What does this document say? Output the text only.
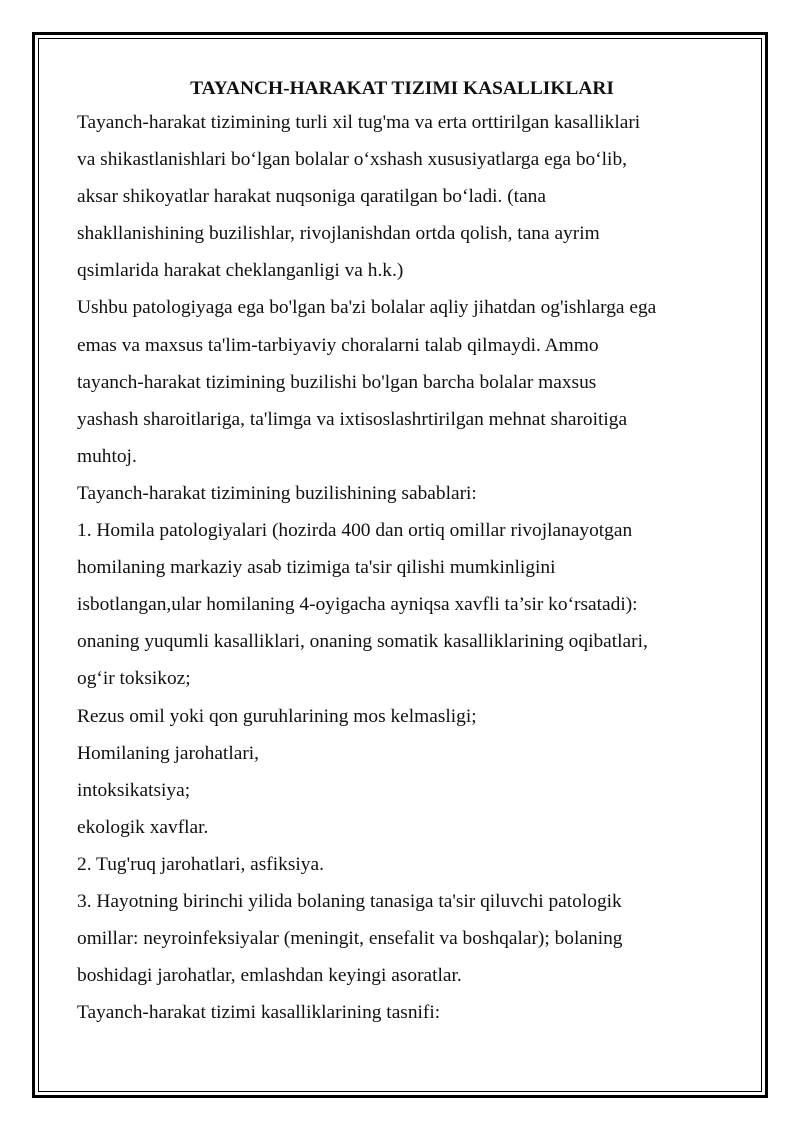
TAYANCH-HARAKAT TIZIMI KASALLIKLARI
Tayanch-harakat tizimining turli xil tug'ma va erta orttirilgan kasalliklari
va shikastlanishlari bo‘lgan bolalar o‘xshash xususiyatlarga ega bo‘lib,
aksar shikoyatlar harakat nuqsoniga qaratilgan bo‘ladi. (tana
shakllanishining buzilishlar, rivojlanishdan ortda qolish, tana ayrim
qsimlarida harakat cheklanganligi va h.k.)
Ushbu patologiyaga ega bo'lgan ba'zi bolalar aqliy jihatdan og'ishlarga ega
emas va maxsus ta'lim-tarbiyaviy choralarni talab qilmaydi. Ammo
tayanch-harakat tizimining buzilishi bo'lgan barcha bolalar maxsus
yashash sharoitlariga, ta'limga va ixtisoslashrtirilgan mehnat sharoitiga
muhtoj.
Tayanch-harakat tizimining buzilishining sabablari:
1. Homila patologiyalari (hozirda 400 dan ortiq omillar rivojlanayotgan
homilaning markaziy asab tizimiga ta'sir qilishi mumkinligini
isbotlangan,ular homilaning 4-oyigacha ayniqsa xavfli ta’sir ko‘rsatadi):
onaning yuqumli kasalliklari, onaning somatik kasalliklarining oqibatlari,
og‘ir toksikoz;
Rezus omil yoki qon guruhlarining mos kelmasligi;
Homilaning jarohatlari,
intoksikatsiya;
ekologik xavflar.
2. Tug'ruq jarohatlari, asfiksiya.
3. Hayotning birinchi yilida bolaning tanasiga ta'sir qiluvchi patologik
omillar: neyroinfeksiyalar (meningit, ensefalit va boshqalar); bolaning
boshidagi jarohatlar, emlashdan keyingi asoratlar.
Tayanch-harakat tizimi kasalliklarining tasnifi:
